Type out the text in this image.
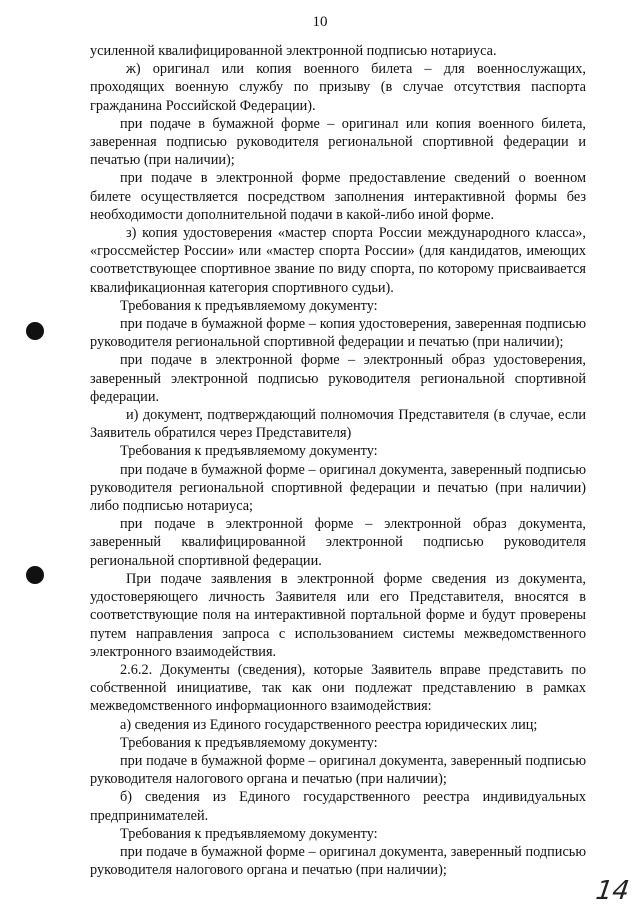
10

усиленной квалифицированной электронной подписью нотариуса.

ж) оригинал или копия военного билета – для военнослужащих, проходящих военную службу по призыву (в случае отсутствия паспорта гражданина Российской Федерации).

при подаче в бумажной форме – оригинал или копия военного билета, заверенная подписью руководителя региональной спортивной федерации и печатью (при наличии);

при подаче в электронной форме предоставление сведений о военном билете осуществляется посредством заполнения интерактивной формы без необходимости дополнительной подачи в какой-либо иной форме.

з) копия удостоверения «мастер спорта России международного класса», «гроссмейстер России» или «мастер спорта России» (для кандидатов, имеющих соответствующее спортивное звание по виду спорта, по которому присваивается квалификационная категория спортивного судьи).

Требования к предъявляемому документу:

при подаче в бумажной форме – копия удостоверения, заверенная подписью руководителя региональной спортивной федерации и печатью (при наличии);

при подаче в электронной форме – электронный образ удостоверения, заверенный электронной подписью руководителя региональной спортивной федерации.

и) документ, подтверждающий полномочия Представителя (в случае, если Заявитель обратился через Представителя)

Требования к предъявляемому документу:

при подаче в бумажной форме – оригинал документа, заверенный подписью руководителя региональной спортивной федерации и печатью (при наличии) либо подписью нотариуса;

при подаче в электронной форме – электронной образ документа, заверенный квалифицированной электронной подписью руководителя региональной спортивной федерации.

При подаче заявления в электронной форме сведения из документа, удостоверяющего личность Заявителя или его Представителя, вносятся в соответствующие поля на интерактивной портальной форме и будут проверены путем направления запроса с использованием системы межведомственного электронного взаимодействия.

2.6.2. Документы (сведения), которые Заявитель вправе представить по собственной инициативе, так как они подлежат представлению в рамках межведомственного информационного взаимодействия:

а) сведения из Единого государственного реестра юридических лиц;

Требования к предъявляемому документу:

при подаче в бумажной форме – оригинал документа, заверенный подписью руководителя налогового органа и печатью (при наличии);

б) сведения из Единого государственного реестра индивидуальных предпринимателей.

Требования к предъявляемому документу:

при подаче в бумажной форме – оригинал документа, заверенный подписью руководителя налогового органа и печатью (при наличии);

14
